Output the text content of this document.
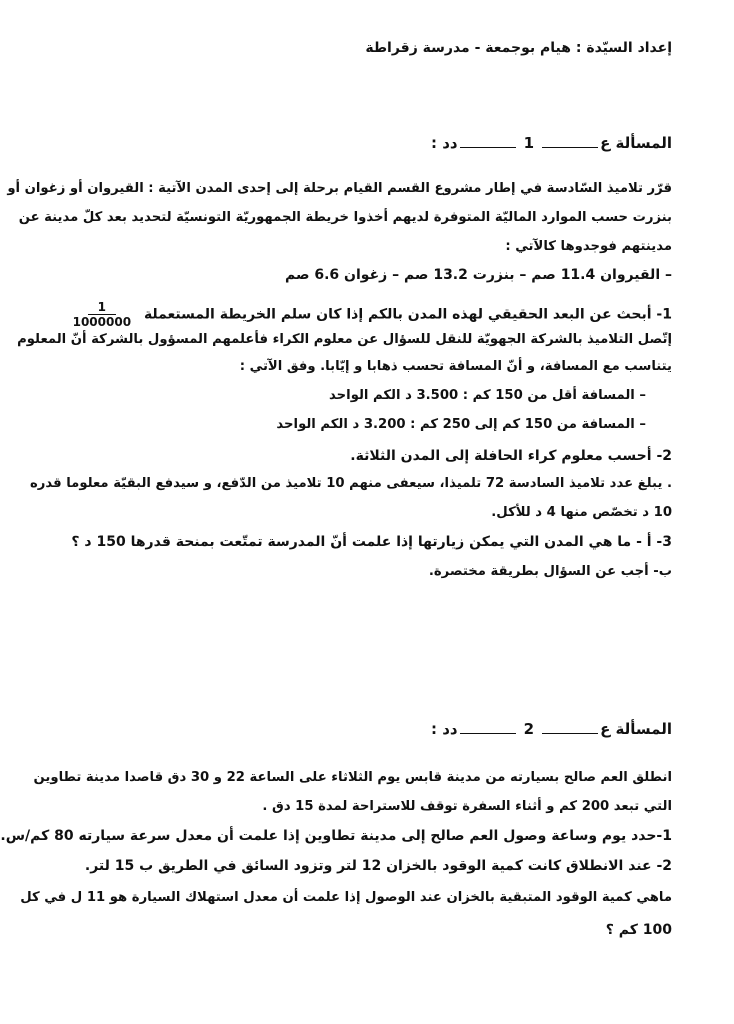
إعداد السيّدة : هيام بوجمعة - مدرسة زقراطة
المسألة ع1دد :
قرّر تلاميذ السّادسة في إطار مشروع القسم القيام برحلة إلى إحدى المدن الآتية : القيروان أو زغوان أو
بنزرت حسب الموارد الماليّة المتوفرة لديهم أخذوا خريطة الجمهوريّة التونسيّة لتحديد بعد كلّ مدينة عن
مدينتهم فوجدوها كالآتي :
– القيروان 11.4 صم – بنزرت 13.2 صم – زغوان 6.6 صم
1- أبحث عن البعد الحقيقي لهذه المدن بالكم إذا كان سلم الخريطة المستعملة
$\frac{1}{1000000}$
إتّصل التلاميذ بالشركة الجهويّة للنقل للسؤال عن معلوم الكراء فأعلمهم المسؤول بالشركة أنّ المعلوم
يتناسب مع المسافة، و أنّ المسافة تحسب ذهابا و إيّابا. وفق الآتي :
– المسافة أقل من 150 كم : 3.500 د الكم الواحد
– المسافة من 150 كم إلى 250 كم : 3.200 د الكم الواحد
2- أحسب معلوم كراء الحافلة إلى المدن الثلاثة.
. يبلغ عدد تلاميذ السادسة 72 تلميذا، سيعفى منهم 10 تلاميذ من الدّفع، و سيدفع البقيّة معلوما قدره
10 د تخصّص منها 4 د للأكل.
3- أ - ما هي المدن التي يمكن زيارتها إذا علمت أنّ المدرسة تمتّعت بمنحة قدرها 150 د ؟
ب- أجب عن السؤال بطريقة مختصرة.
المسألة ع2دد :
انطلق العم صالح بسيارته من مدينة قابس يوم الثلاثاء على الساعة 22 و 30 دق قاصدا مدينة تطاوين
التي تبعد 200 كم و أثناء السفرة توقف للاستراحة لمدة 15 دق .
1-حدد يوم وساعة وصول العم صالح إلى مدينة تطاوين إذا علمت أن معدل سرعة سيارته 80 كم/س.
2- عند الانطلاق كانت كمية الوقود بالخزان 12 لتر وتزود السائق في الطريق ب 15 لتر.
ماهي كمية الوقود المتبقية بالخزان عند الوصول إذا علمت أن معدل استهلاك السيارة هو 11 ل في كل
100 كم ؟
